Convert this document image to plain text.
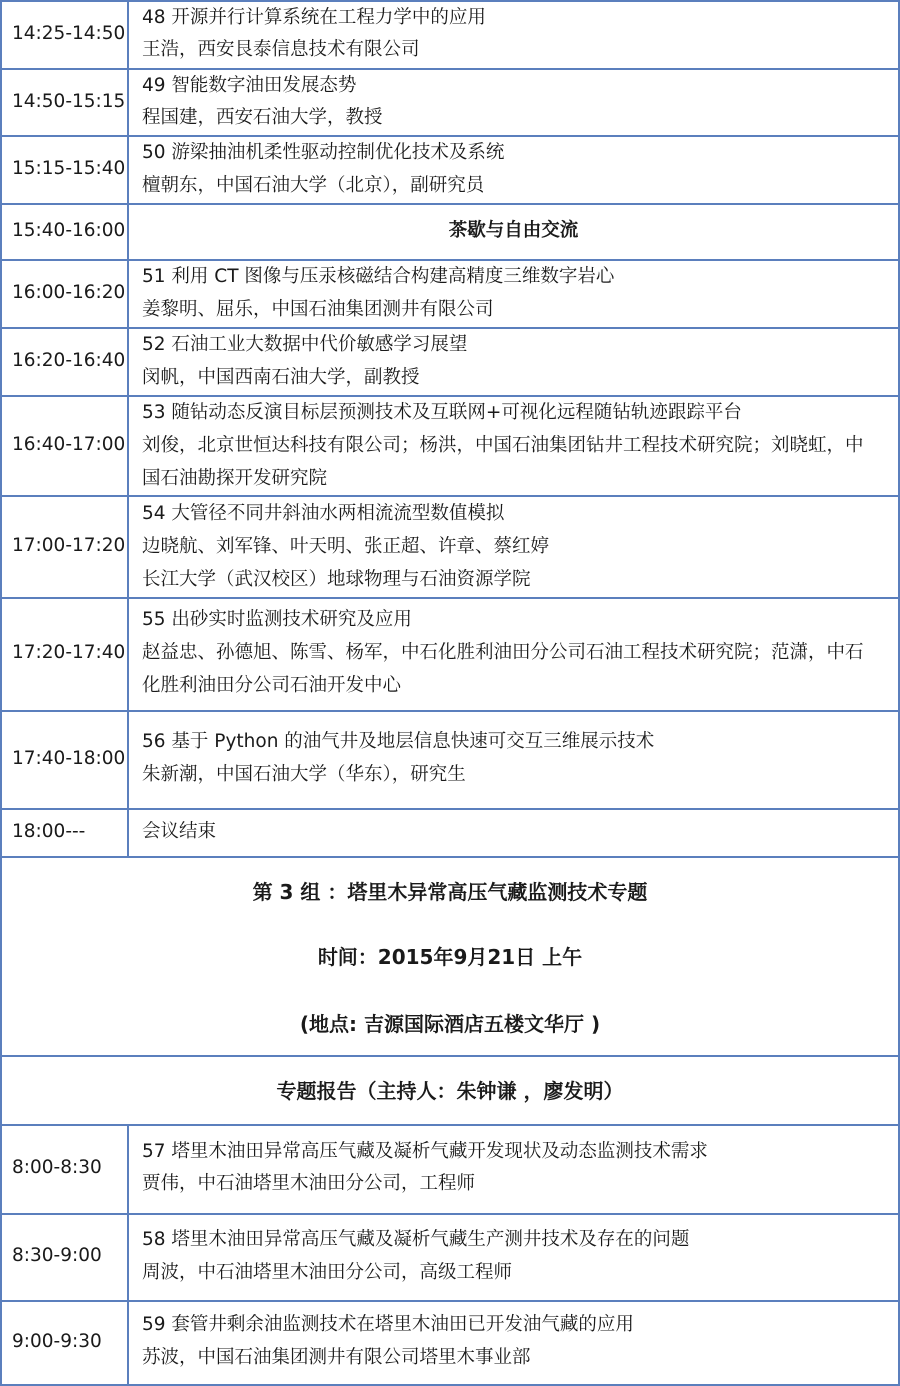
14:25-14:50
48 开源并行计算系统在工程力学中的应用
王浩，西安艮泰信息技术有限公司
14:50-15:15
49 智能数字油田发展态势
程国建，西安石油大学，教授
15:15-15:40
50 游梁抽油机柔性驱动控制优化技术及系统
檀朝东，中国石油大学（北京），副研究员
15:40-16:00	茶歇与自由交流
16:00-16:20
51 利用 CT 图像与压汞核磁结合构建高精度三维数字岩心
姜黎明、屈乐，中国石油集团测井有限公司
16:20-16:40
52 石油工业大数据中代价敏感学习展望
闵帆，中国西南石油大学，副教授
16:40-17:00
53 随钻动态反演目标层预测技术及互联网+可视化远程随钻轨迹跟踪平台
刘俊，北京世恒达科技有限公司；杨洪，中国石油集团钻井工程技术研究院；刘晓虹，中
国石油勘探开发研究院
17:00-17:20
54 大管径不同井斜油水两相流流型数值模拟
边晓航、刘军锋、叶天明、张正超、许章、蔡红婷
长江大学（武汉校区）地球物理与石油资源学院
17:20-17:40
55 出砂实时监测技术研究及应用
赵益忠、孙德旭、陈雪、杨军，中石化胜利油田分公司石油工程技术研究院；范潇，中石
化胜利油田分公司石油开发中心
17:40-18:00
56 基于 Python 的油气井及地层信息快速可交互三维展示技术
朱新潮，中国石油大学（华东），研究生
18:00---	会议结束
第 3 组 ：塔里木异常高压气藏监测技术专题
时间：2015年9月21日 上午
(地点: 吉源国际酒店五楼文华厅 )
专题报告（主持人：朱钟谦 ，廖发明）
8:00-8:30
57 塔里木油田异常高压气藏及凝析气藏开发现状及动态监测技术需求
贾伟，中石油塔里木油田分公司，工程师
8:30-9:00
58 塔里木油田异常高压气藏及凝析气藏生产测井技术及存在的问题
周波，中石油塔里木油田分公司，高级工程师
9:00-9:30
59 套管井剩余油监测技术在塔里木油田已开发油气藏的应用
苏波，中国石油集团测井有限公司塔里木事业部
